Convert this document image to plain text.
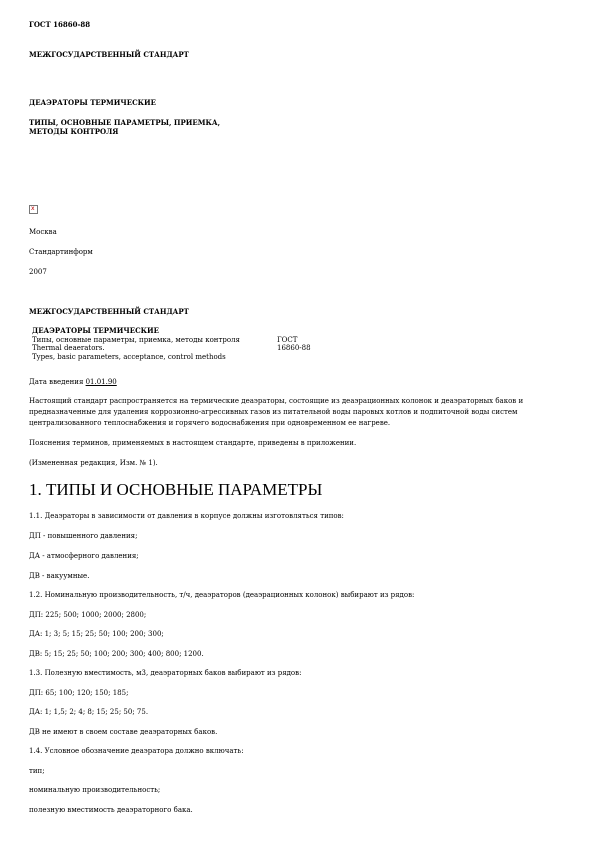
ГОСТ 16860-88
МЕЖГОСУДАРСТВЕННЫЙ СТАНДАРТ
ДЕАЭРАТОРЫ ТЕРМИЧЕСКИЕ
ТИПЫ, ОСНОВНЫЕ ПАРАМЕТРЫ, ПРИЕМКА,
МЕТОДЫ КОНТРОЛЯ
x
Москва
Стандартинформ
2007
МЕЖГОСУДАРСТВЕННЫЙ СТАНДАРТ
ДЕАЭРАТОРЫ ТЕРМИЧЕСКИЕ
Типы, основные параметры, приемка, методы контроля	ГОСТ
Thermal deaerators.	16860-88
Types, basic parameters, acceptance, control methods
Дата введения 01.01.90
Настоящий стандарт распространяется на термические деаэраторы, состоящие из деаэрационных колонок и деаэраторных баков и предназначенные для удаления коррозионно-агрессивных газов из питательной воды паровых котлов и подпиточной воды систем централизованного теплоснабжения и горячего водоснабжения при одновременном ее нагреве.
Пояснения терминов, применяемых в настоящем стандарте, приведены в приложении.
(Измененная редакция, Изм. № 1).
1. ТИПЫ И ОСНОВНЫЕ ПАРАМЕТРЫ
1.1. Деаэраторы в зависимости от давления в корпусе должны изготовляться типов:
ДП - повышенного давления;
ДА - атмосферного давления;
ДВ - вакуумные.
1.2. Номинальную производительность, т/ч, деаэраторов (деаэрационных колонок) выбирают из рядов:
ДП: 225; 500; 1000; 2000; 2800;
ДА: 1; 3; 5; 15; 25; 50; 100; 200; 300;
ДВ: 5; 15; 25; 50; 100; 200; 300; 400; 800; 1200.
1.3. Полезную вместимость, м3, деаэраторных баков выбирают из рядов:
ДП: 65; 100; 120; 150; 185;
ДА: 1; 1,5; 2; 4; 8; 15; 25; 50; 75.
ДВ не имеют в своем составе деаэраторных баков.
1.4. Условное обозначение деаэратора должно включать:
тип;
номинальную производительность;
полезную вместимость деаэраторного бака.
